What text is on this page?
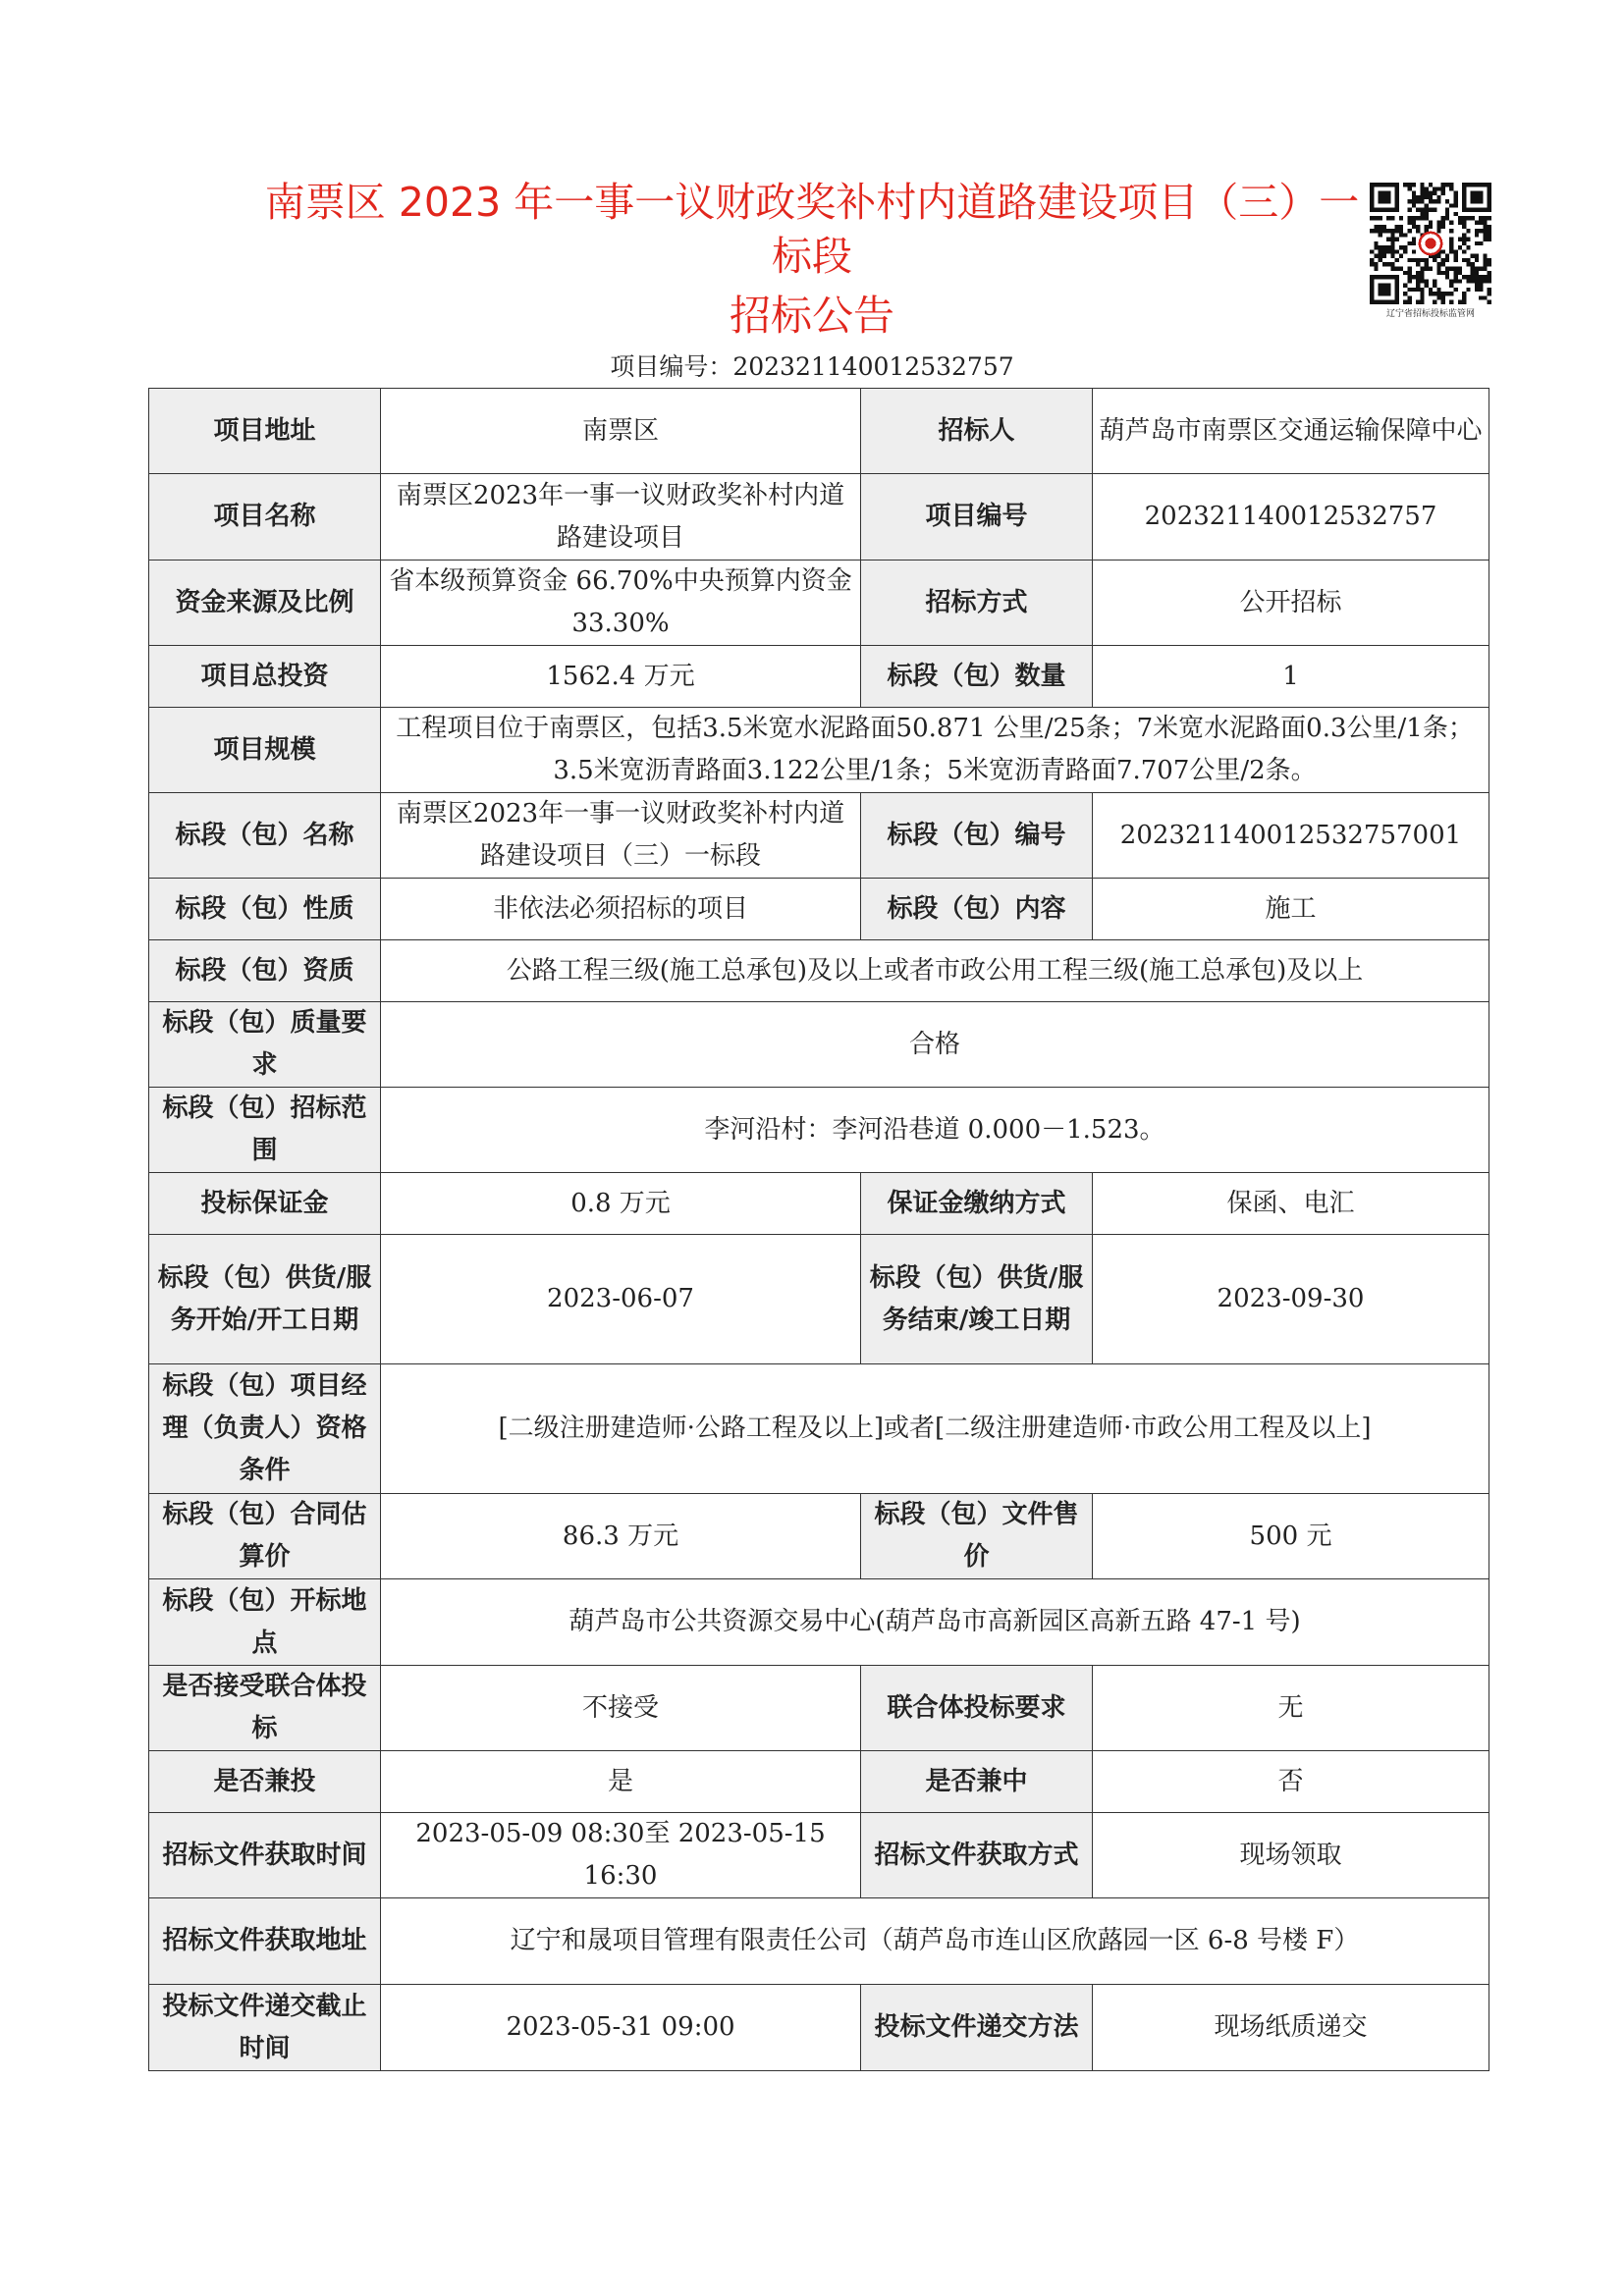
南票区 2023 年一事一议财政奖补村内道路建设项目（三）一
标段
招标公告
项目编号：202321140012532757
辽宁省招标投标监管网
项目地址	南票区	招标人	葫芦岛市南票区交通运输保障中心
项目名称	南票区2023年一事一议财政奖补村内道路建设项目	项目编号	202321140012532757
资金来源及比例	省本级预算资金 66.70%中央预算内资金 33.30%	招标方式	公开招标
项目总投资	1562.4 万元	标段（包）数量	1
项目规模	工程项目位于南票区，包括3.5米宽水泥路面50.871 公里/25条；7米宽水泥路面0.3公里/1条；3.5米宽沥青路面3.122公里/1条；5米宽沥青路面7.707公里/2条。		
标段（包）名称	南票区2023年一事一议财政奖补村内道路建设项目（三）一标段	标段（包）编号	202321140012532757001
标段（包）性质	非依法必须招标的项目	标段（包）内容	施工
标段（包）资质	公路工程三级(施工总承包)及以上或者市政公用工程三级(施工总承包)及以上		
标段（包）质量要求	合格		
标段（包）招标范围	李河沿村：李河沿巷道 0.000－1.523。		
投标保证金	0.8 万元	保证金缴纳方式	保函、电汇
标段（包）供货/服务开始/开工日期	2023-06-07	标段（包）供货/服务结束/竣工日期	2023-09-30
标段（包）项目经理（负责人）资格条件	[二级注册建造师·公路工程及以上]或者[二级注册建造师·市政公用工程及以上]		
标段（包）合同估算价	86.3 万元	标段（包）文件售价	500 元
标段（包）开标地点	葫芦岛市公共资源交易中心(葫芦岛市高新园区高新五路 47-1 号)		
是否接受联合体投标	不接受	联合体投标要求	无
是否兼投	是	是否兼中	否
招标文件获取时间	2023-05-09 08:30至 2023-05-15 16:30	招标文件获取方式	现场领取
招标文件获取地址	辽宁和晟项目管理有限责任公司（葫芦岛市连山区欣蕗园一区 6-8 号楼 F）		
投标文件递交截止时间	2023-05-31 09:00	投标文件递交方法	现场纸质递交
